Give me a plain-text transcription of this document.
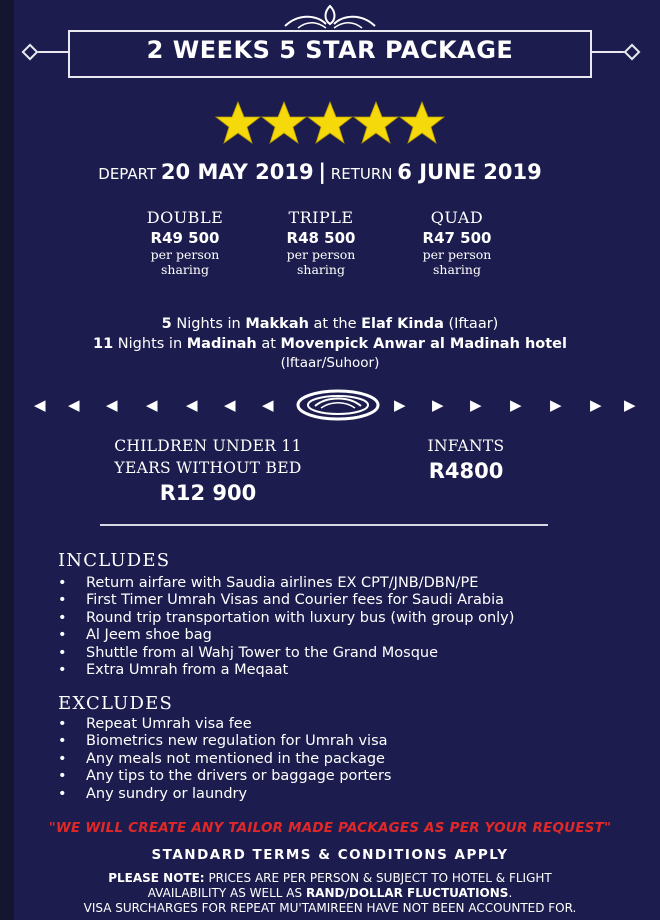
2 WEEKS 5 STAR PACKAGE
DEPART 20 MAY 2019 | RETURN 6 JUNE 2019
DOUBLE
R49 500
per person
sharing
TRIPLE
R48 500
per person
sharing
QUAD
R47 500
per person
sharing
5 Nights in Makkah at the Elaf Kinda (Iftaar)
11 Nights in Madinah at Movenpick Anwar al Madinah hotel
(Iftaar/Suhoor)
◀ ◀ ◀ ◀ ◀ ◀ ◀	▶ ▶ ▶ ▶ ▶ ▶ ▶
CHILDREN UNDER 11
YEARS WITHOUT BED
R12 900
INFANTS
R4800
INCLUDES
• Return airfare with Saudia airlines EX CPT/JNB/DBN/PE
• First Timer Umrah Visas and Courier fees for Saudi Arabia
• Round trip transportation with luxury bus (with group only)
• Al Jeem shoe bag
• Shuttle from al Wahj Tower to the Grand Mosque
• Extra Umrah from a Meqaat
EXCLUDES
• Repeat Umrah visa fee
• Biometrics new regulation for Umrah visa
• Any meals not mentioned in the package
• Any tips to the drivers or baggage porters
• Any sundry or laundry
"WE WILL CREATE ANY TAILOR MADE PACKAGES AS PER YOUR REQUEST"
STANDARD TERMS & CONDITIONS APPLY
PLEASE NOTE: PRICES ARE PER PERSON & SUBJECT TO HOTEL & FLIGHT
AVAILABILITY AS WELL AS RAND/DOLLAR FLUCTUATIONS.
VISA SURCHARGES FOR REPEAT MU'TAMIREEN HAVE NOT BEEN ACCOUNTED FOR.
